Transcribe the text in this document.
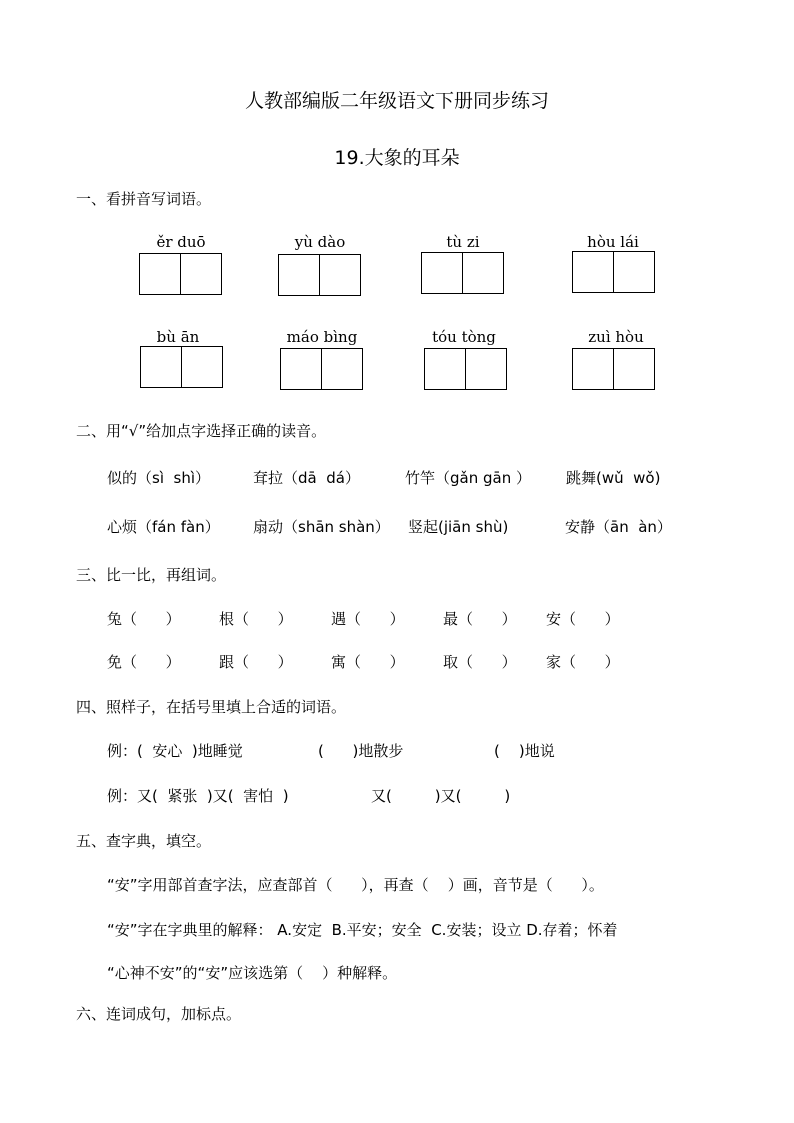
人教部编版二年级语文下册同步练习
19.大象的耳朵
一、看拼音写词语。
ěr duō	yù dào	tù zi	hòu lái
bù ān	máo bìng	tóu tòng	zuì hòu
二、用“√”给加点字选择正确的读音。
似的（sì  shì）	耷拉（dā  dá）	竹竿（gǎn gān ） 跳舞(wǔ  wǒ)
心烦（fán fàn） 扇动（shān shàn） 竖起(jiān shù)	安静（ān  àn）
三、比一比，再组词。
兔（      ）	根（      ）	遇（      ）	最（      ） 安（      ）
免（      ）	跟（      ）	寓（      ）	取（      ） 家（      ）
四、照样子，在括号里填上合适的词语。
例：(  安心  )地睡觉	(      )地散步	(    )地说
例：又(  紧张  )又(  害怕  )	又(         )又(         )
五、查字典，填空。
“安”字用部首查字法，应查部首（      ），再查（    ）画，音节是（      ）。
“安”字在字典里的解释： A.安定  B.平安；安全  C.安装；设立 D.存着；怀着
“心神不安”的“安”应该选第（    ）种解释。
六、连词成句，加标点。
